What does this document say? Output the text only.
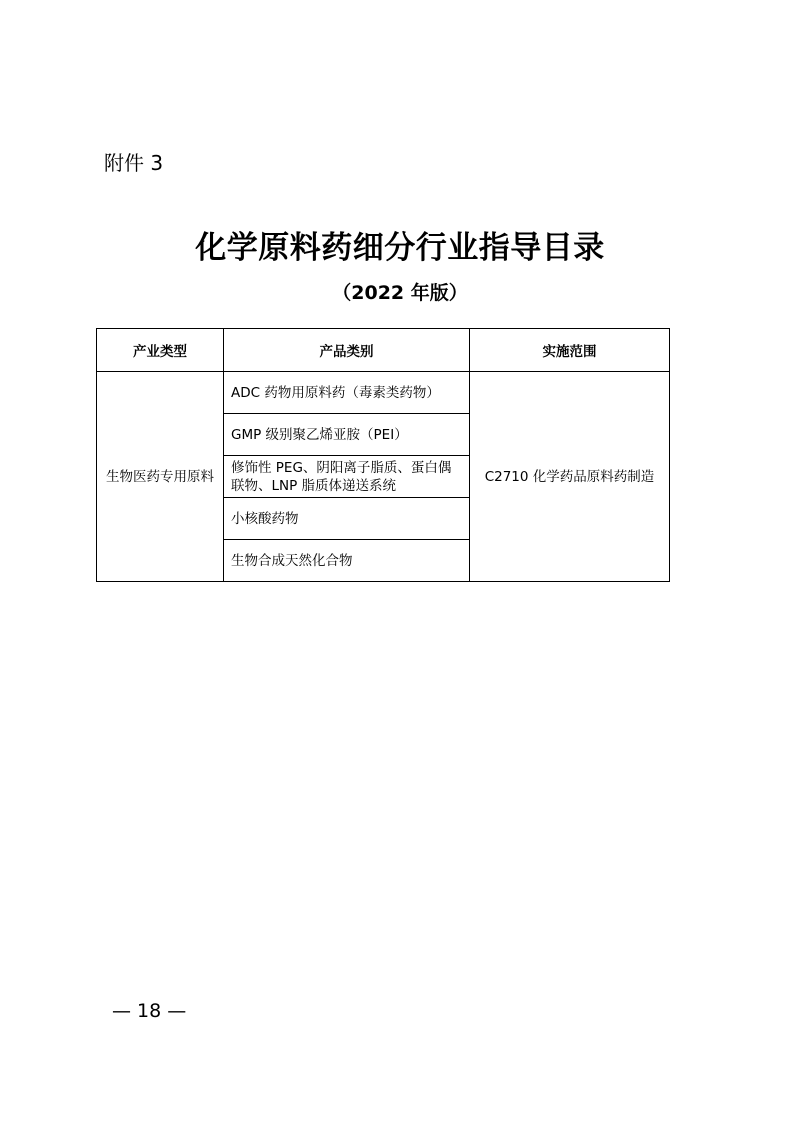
附件 3
化学原料药细分行业指导目录
（2022 年版）
产业类型	产品类别	实施范围
生物医药专用原料	ADC 药物用原料药（毒素类药物）	C2710 化学药品原料药制造
	GMP 级别聚乙烯亚胺（PEI）	
	修饰性 PEG、阴阳离子脂质、蛋白偶联物、LNP 脂质体递送系统	
	小核酸药物	
	生物合成天然化合物	
— 18 —
